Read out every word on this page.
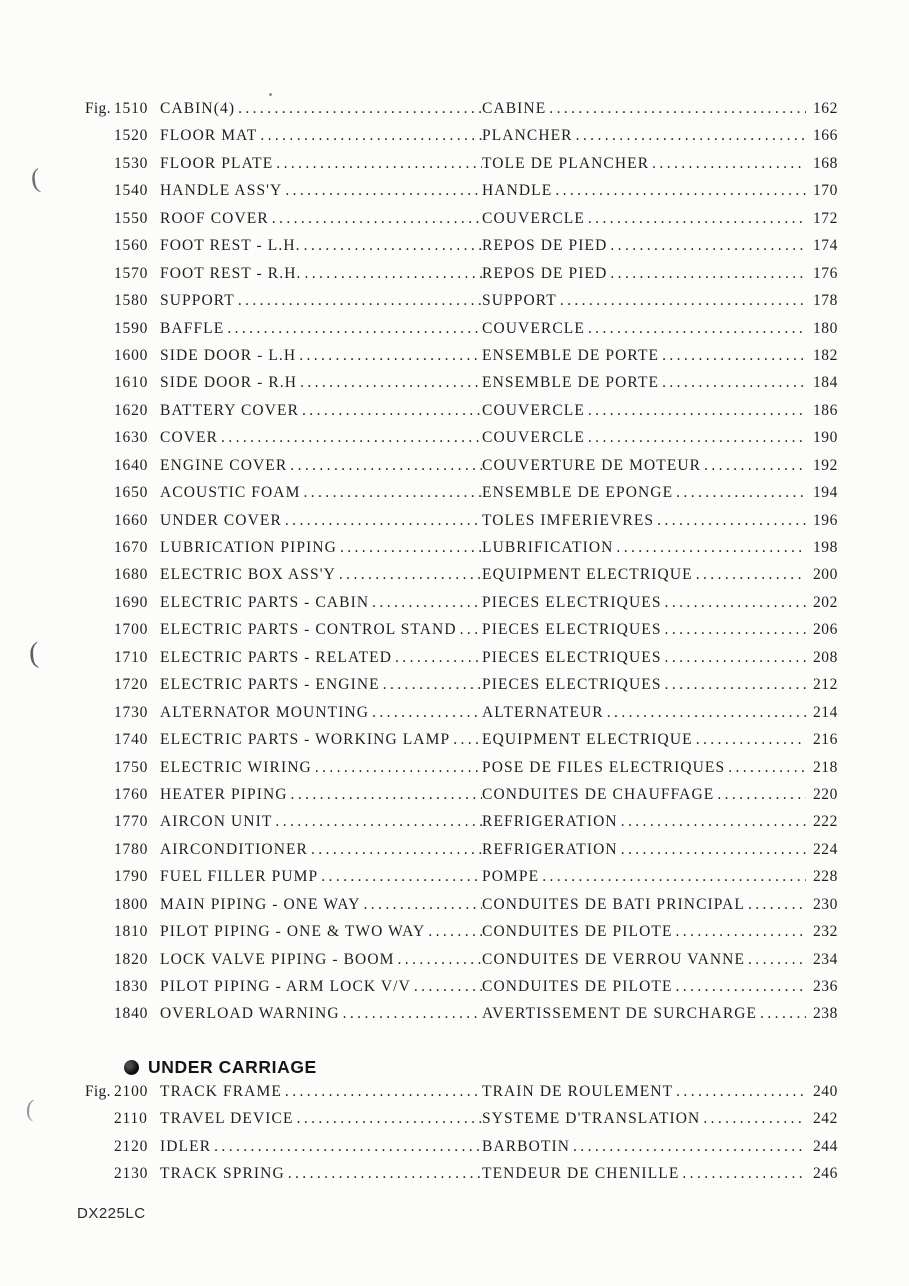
Fig. 1510 CABIN(4) .....	CABINE .....	162
1520 FLOOR MAT .....	PLANCHER .....	166
1530 FLOOR PLATE .....	TOLE DE PLANCHER .....	168
1540 HANDLE ASS'Y .....	HANDLE .....	170
1550 ROOF COVER .....	COUVERCLE .....	172
1560 FOOT REST - L.H. .....	REPOS DE PIED .....	174
1570 FOOT REST - R.H. .....	REPOS DE PIED .....	176
1580 SUPPORT .....	SUPPORT .....	178
1590 BAFFLE .....	COUVERCLE .....	180
1600 SIDE DOOR - L.H .....	ENSEMBLE DE PORTE .....	182
1610 SIDE DOOR - R.H .....	ENSEMBLE DE PORTE .....	184
1620 BATTERY COVER .....	COUVERCLE .....	186
1630 COVER .....	COUVERCLE .....	190
1640 ENGINE COVER .....	COUVERTURE DE MOTEUR .....	192
1650 ACOUSTIC FOAM .....	ENSEMBLE DE EPONGE .....	194
1660 UNDER COVER .....	TOLES IMFERIEVRES .....	196
1670 LUBRICATION PIPING .....	LUBRIFICATION .....	198
1680 ELECTRIC BOX ASS'Y .....	EQUIPMENT ELECTRIQUE .....	200
1690 ELECTRIC PARTS - CABIN .....	PIECES ELECTRIQUES .....	202
1700 ELECTRIC PARTS - CONTROL STAND ..... PIECES ELECTRIQUES .....	206
1710 ELECTRIC PARTS - RELATED .....	PIECES ELECTRIQUES .....	208
1720 ELECTRIC PARTS - ENGINE .....	PIECES ELECTRIQUES .....	212
1730 ALTERNATOR MOUNTING .....	ALTERNATEUR .....	214
1740 ELECTRIC PARTS - WORKING LAMP ..... EQUIPMENT ELECTRIQUE .....	216
1750 ELECTRIC WIRING .....	POSE DE FILES ELECTRIQUES .....	218
1760 HEATER PIPING .....	CONDUITES DE CHAUFFAGE .....	220
1770 AIRCON UNIT .....	REFRIGERATION .....	222
1780 AIRCONDITIONER .....	REFRIGERATION .....	224
1790 FUEL FILLER PUMP .....	POMPE .....	228
1800 MAIN PIPING - ONE WAY .....	CONDUITES DE BATI PRINCIPAL .....	230
1810 PILOT PIPING - ONE & TWO WAY .....	CONDUITES DE PILOTE .....	232
1820 LOCK VALVE PIPING - BOOM .....	CONDUITES DE VERROU VANNE .....	234
1830 PILOT PIPING - ARM LOCK V/V .....	CONDUITES DE PILOTE .....	236
1840 OVERLOAD WARNING .....	AVERTISSEMENT DE SURCHARGE .....	238
UNDER CARRIAGE
Fig. 2100 TRACK FRAME .....	TRAIN DE ROULEMENT .....	240
2110 TRAVEL DEVICE .....	SYSTEME D'TRANSLATION .....	242
2120 IDLER .....	BARBOTIN .....	244
2130 TRACK SPRING .....	TENDEUR DE CHENILLE .....	246
DX225LC
(
(
(
